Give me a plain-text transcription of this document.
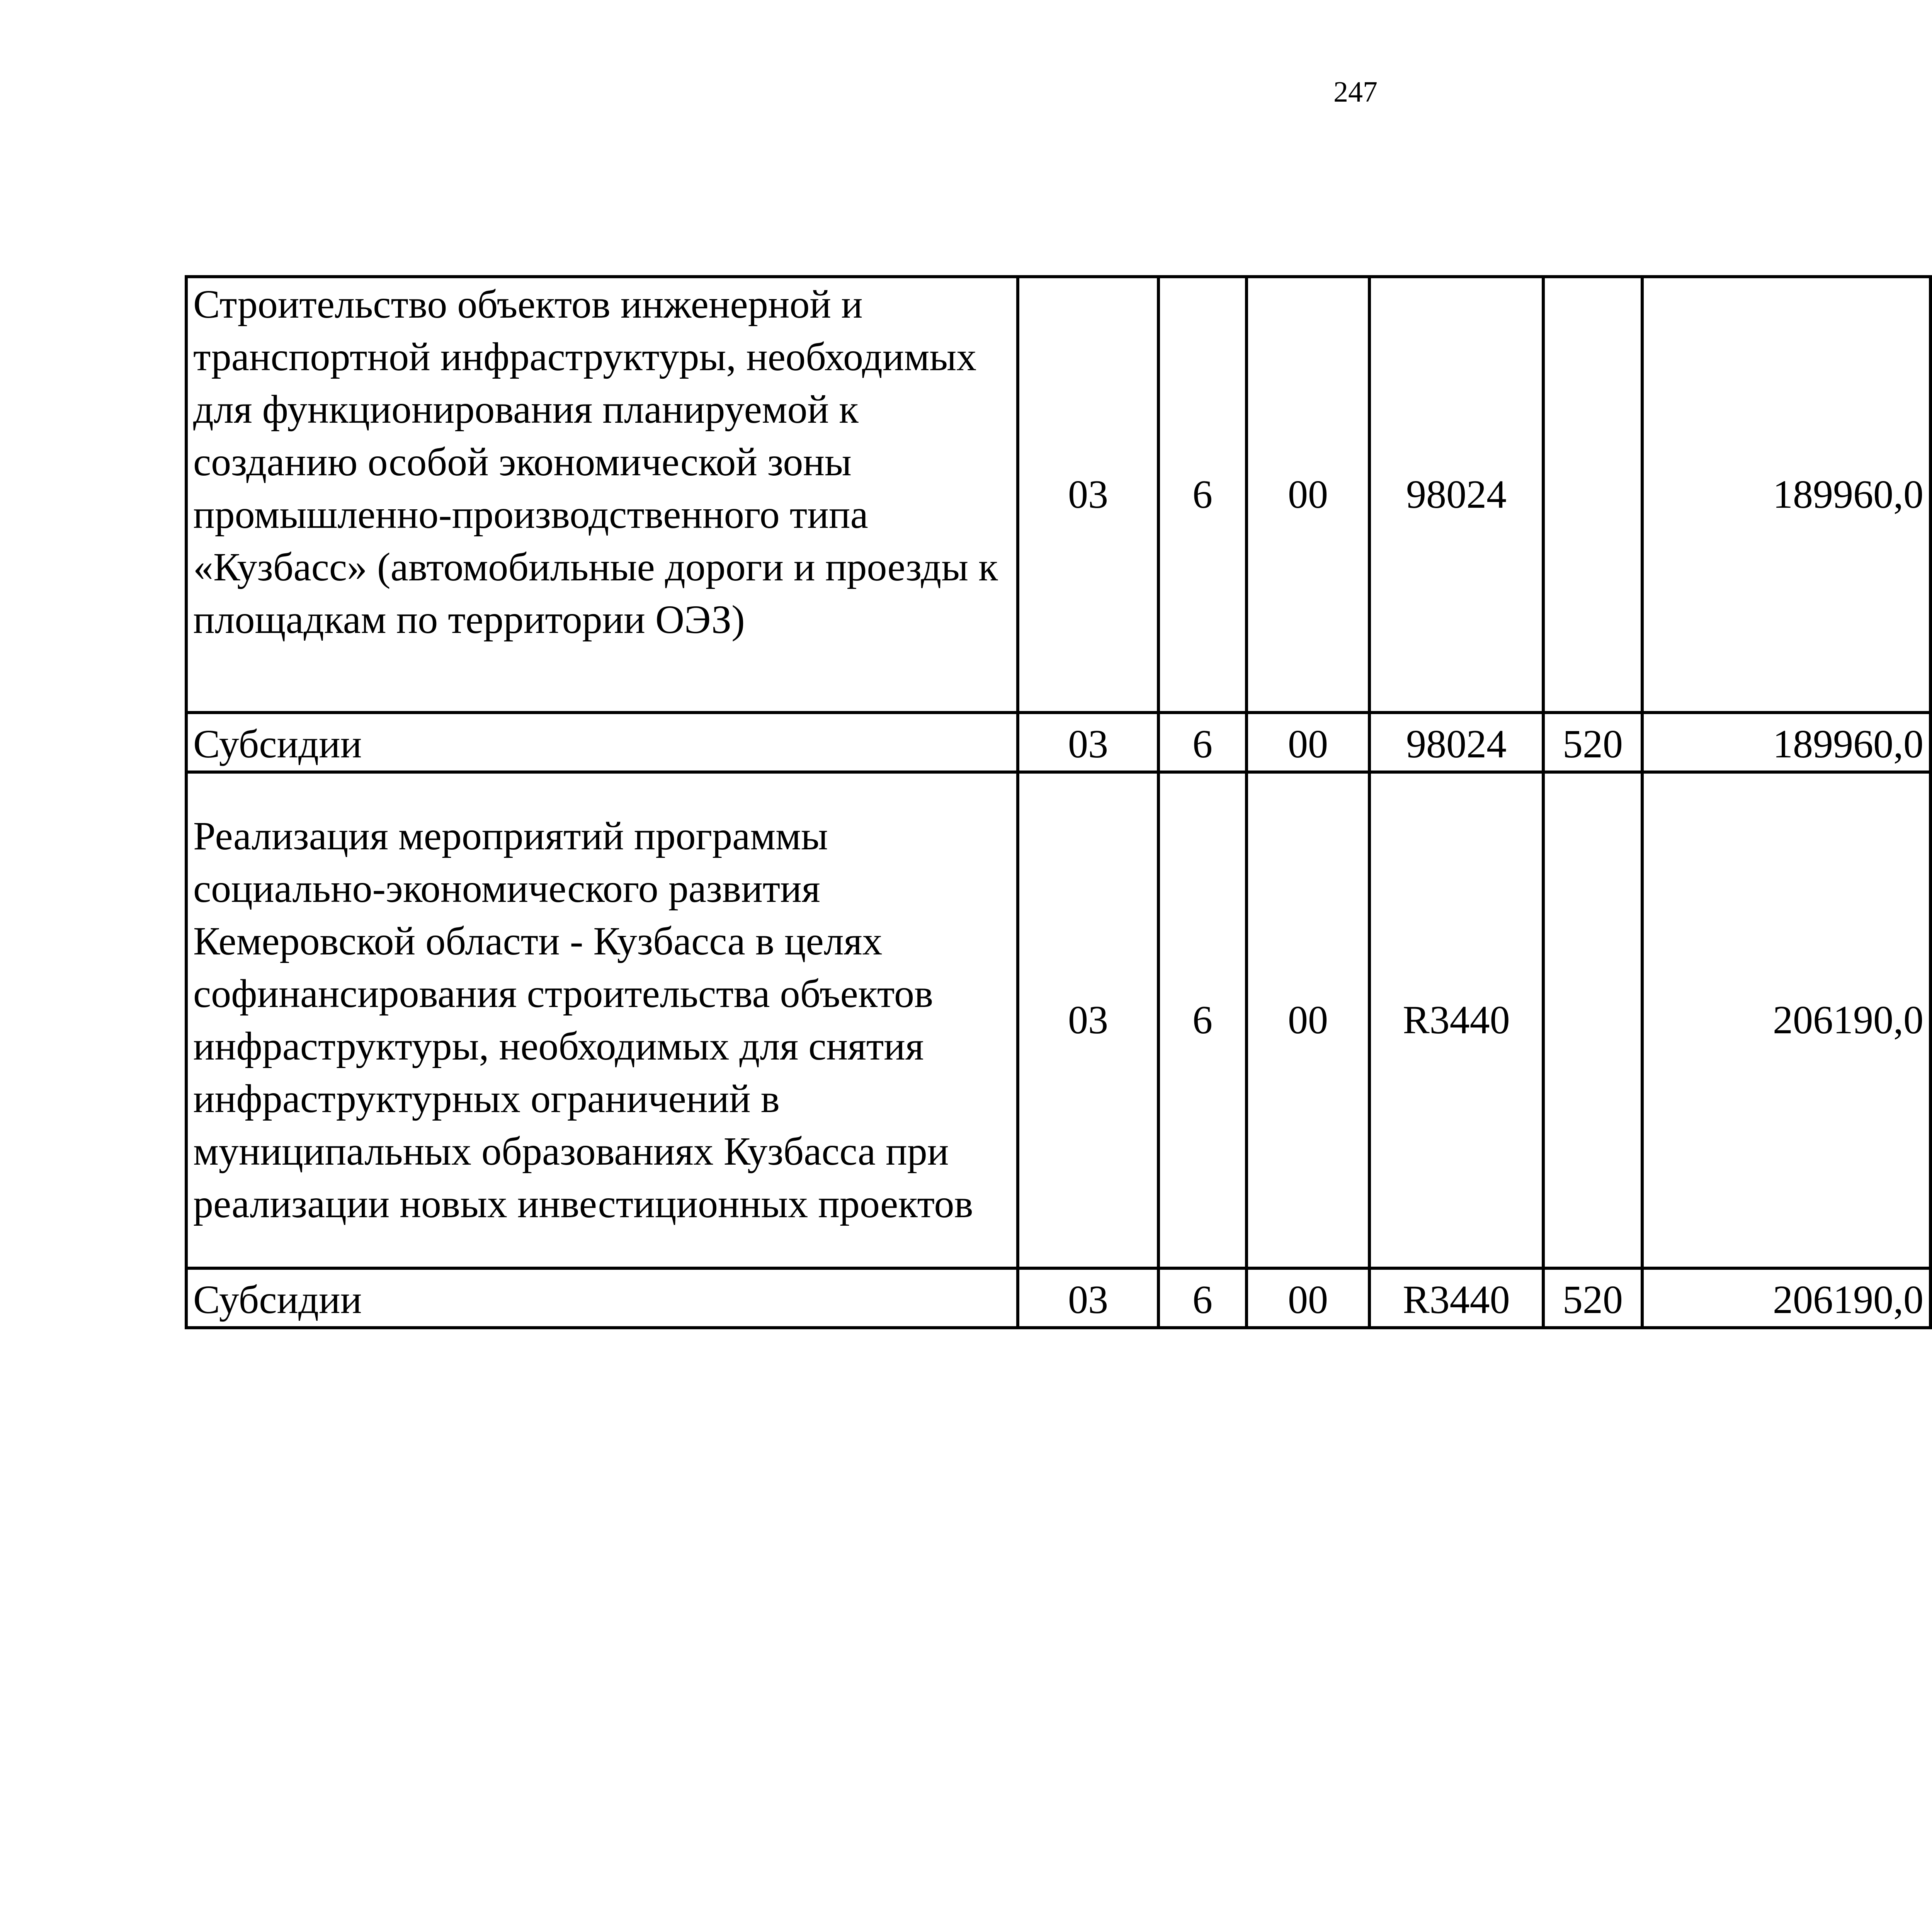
247
Строительство объектов инженерной и транспортной инфраструктуры, необходимых для функционирования планируемой к созданию особой экономической зоны промышленно-производственного типа «Кузбасс» (автомобильные дороги и проезды к площадкам по территории ОЭЗ)	03	6	00	98024		189960,0		
Субсидии	03	6	00	98024	520	189960,0		
Реализация мероприятий программы социально-экономического развития Кемеровской области - Кузбасса в целях софинансирования строительства объектов инфраструктуры, необходимых для снятия инфраструктурных ограничений в муниципальных образованиях Кузбасса при реализации новых инвестиционных проектов	03	6	00	R3440		206190,0		
Субсидии	03	6	00	R3440	520	206190,0		
